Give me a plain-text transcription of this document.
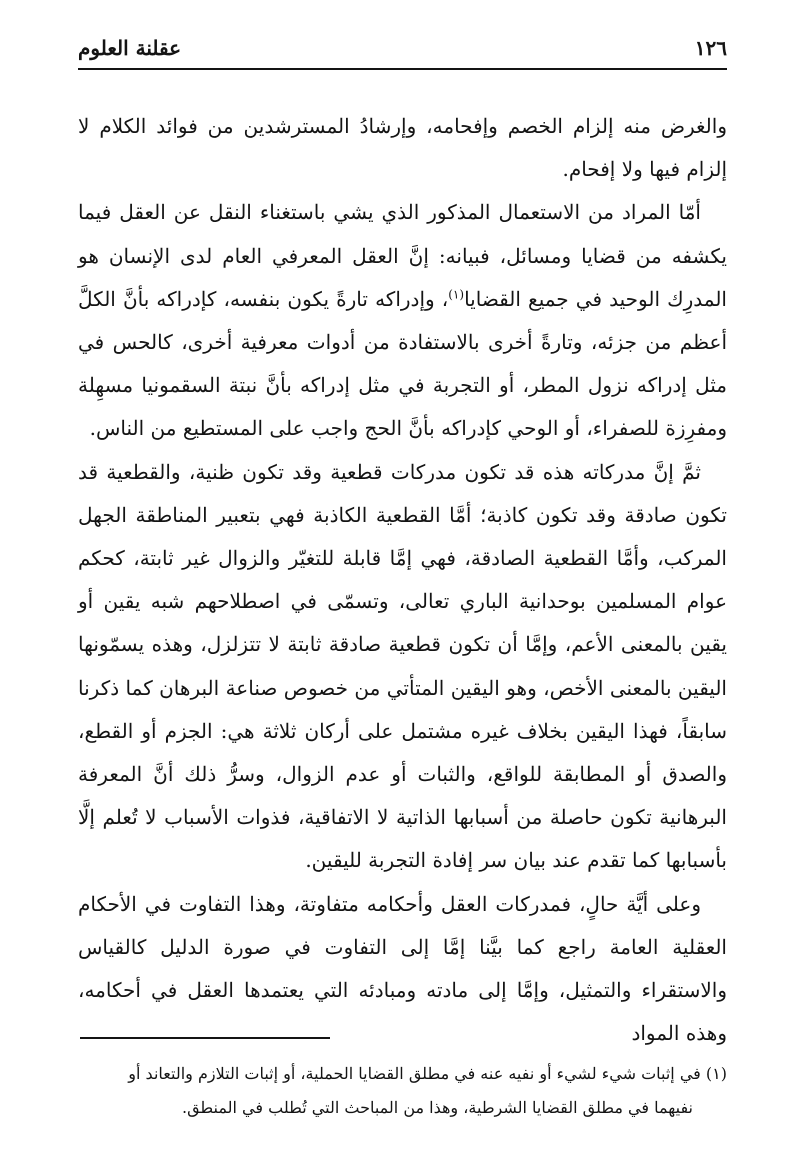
١٢٦
عقلنة العلوم

والغرض منه إلزام الخصم وإفحامه، وإرشادُ المسترشدين من فوائد الكلام لا إلزام فيها ولا إفحام.

أمّا المراد من الاستعمال المذكور الذي يشي باستغناء النقل عن العقل فيما يكشفه من قضايا ومسائل، فبيانه: إنَّ العقل المعرفي العام لدى الإنسان هو المدرِك الوحيد في جميع القضايا$^{(١)}$، وإدراكه تارةً يكون بنفسه، كإدراكه بأنَّ الكلَّ أعظم من جزئه، وتارةً أخرى بالاستفادة من أدوات معرفية أخرى، كالحس في مثل إدراكه نزول المطر، أو التجربة في مثل إدراكه بأنَّ نبتة السقمونيا مسهِلة ومفرِزة للصفراء، أو الوحي كإدراكه بأنَّ الحج واجب على المستطيع من الناس.

ثمَّ إنَّ مدركاته هذه قد تكون مدركات قطعية وقد تكون ظنية، والقطعية قد تكون صادقة وقد تكون كاذبة؛ أمَّا القطعية الكاذبة فهي بتعبير المناطقة الجهل المركب، وأمَّا القطعية الصادقة، فهي إمَّا قابلة للتغيّر والزوال غير ثابتة، كحكم عوام المسلمين بوحدانية الباري تعالى، وتسمّى في اصطلاحهم شبه يقين أو يقين بالمعنى الأعم، وإمَّا أن تكون قطعية صادقة ثابتة لا تتزلزل، وهذه يسمّونها اليقين بالمعنى الأخص، وهو اليقين المتأتي من خصوص صناعة البرهان كما ذكرنا سابقاً، فهذا اليقين بخلاف غيره مشتمل على أركان ثلاثة هي: الجزم أو القطع، والصدق أو المطابقة للواقع، والثبات أو عدم الزوال، وسرُّ ذلك أنَّ المعرفة البرهانية تكون حاصلة من أسبابها الذاتية لا الاتفاقية، فذوات الأسباب لا تُعلم إلَّا بأسبابها كما تقدم عند بيان سر إفادة التجربة لليقين.

وعلى أيَّة حالٍ، فمدركات العقل وأحكامه متفاوتة، وهذا التفاوت في الأحكام العقلية العامة راجع كما بيَّنا إمَّا إلى التفاوت في صورة الدليل كالقياس والاستقراء والتمثيل، وإمَّا إلى مادته ومبادئه التي يعتمدها العقل في أحكامه، وهذه المواد

(١) في إثبات شيء لشيء أو نفيه عنه في مطلق القضايا الحملية، أو إثبات التلازم والتعاند أو

نفيهما في مطلق القضايا الشرطية، وهذا من المباحث التي تُطلب في المنطق.
